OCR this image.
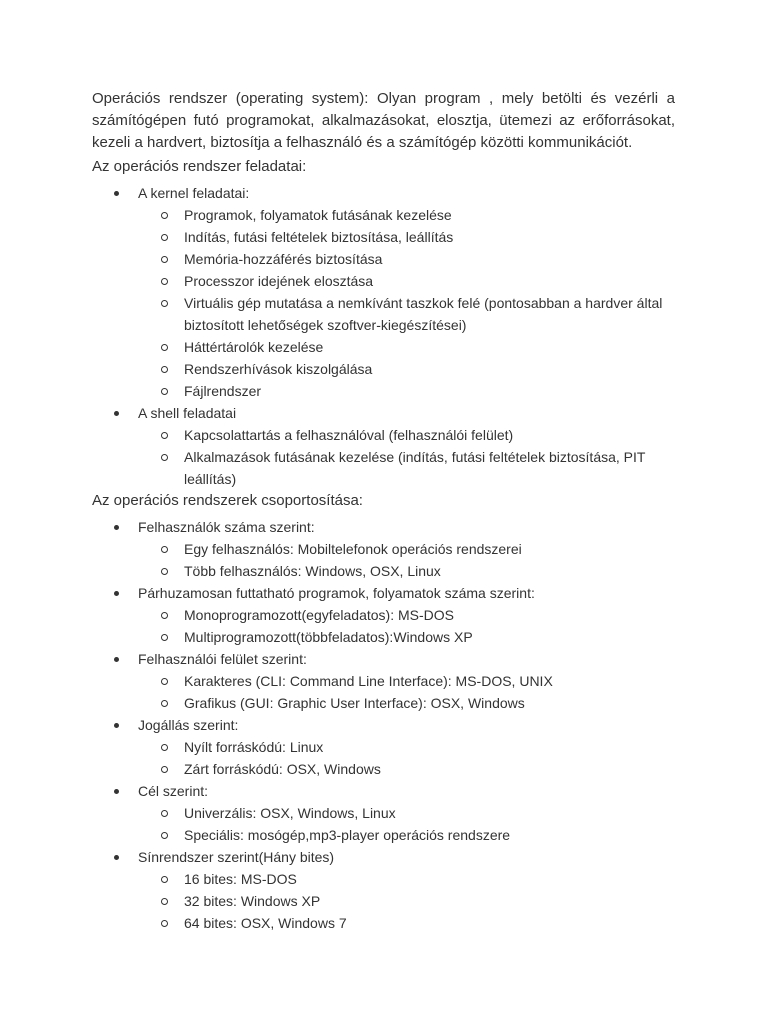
Operációs rendszer (operating system): Olyan program , mely betölti és vezérli a számítógépen futó programokat, alkalmazásokat, elosztja, ütemezi az erőforrásokat, kezeli a hardvert, biztosítja a felhasználó és a számítógép közötti kommunikációt.

Az operációs rendszer feladatai:

A kernel feladatai:
Programok, folyamatok futásának kezelése
Indítás, futási feltételek biztosítása, leállítás
Memória-hozzáférés biztosítása
Processzor idejének elosztása
Virtuális gép mutatása a nemkívánt taszkok felé (pontosabban a hardver által biztosított lehetőségek szoftver-kiegészítései)
Háttértárolók kezelése
Rendszerhívások kiszolgálása
Fájlrendszer
A shell feladatai
Kapcsolattartás a felhasználóval (felhasználói felület)
Alkalmazások futásának kezelése (indítás, futási feltételek biztosítása, PIT leállítás)

Az operációs rendszerek csoportosítása:

Felhasználók száma szerint:
Egy felhasználós: Mobiltelefonok operációs rendszerei
Több felhasználós: Windows, OSX, Linux
Párhuzamosan futtatható programok, folyamatok száma szerint:
Monoprogramozott(egyfeladatos): MS-DOS
Multiprogramozott(többfeladatos):Windows XP
Felhasználói felület szerint:
Karakteres (CLI: Command Line Interface): MS-DOS, UNIX
Grafikus (GUI: Graphic User Interface): OSX, Windows
Jogállás szerint:
Nyílt forráskódú: Linux
Zárt forráskódú: OSX, Windows
Cél szerint:
Univerzális: OSX, Windows, Linux
Speciális: mosógép,mp3-player operációs rendszere
Sínrendszer szerint(Hány bites)
16 bites: MS-DOS
32 bites: Windows XP
64 bites: OSX, Windows 7
